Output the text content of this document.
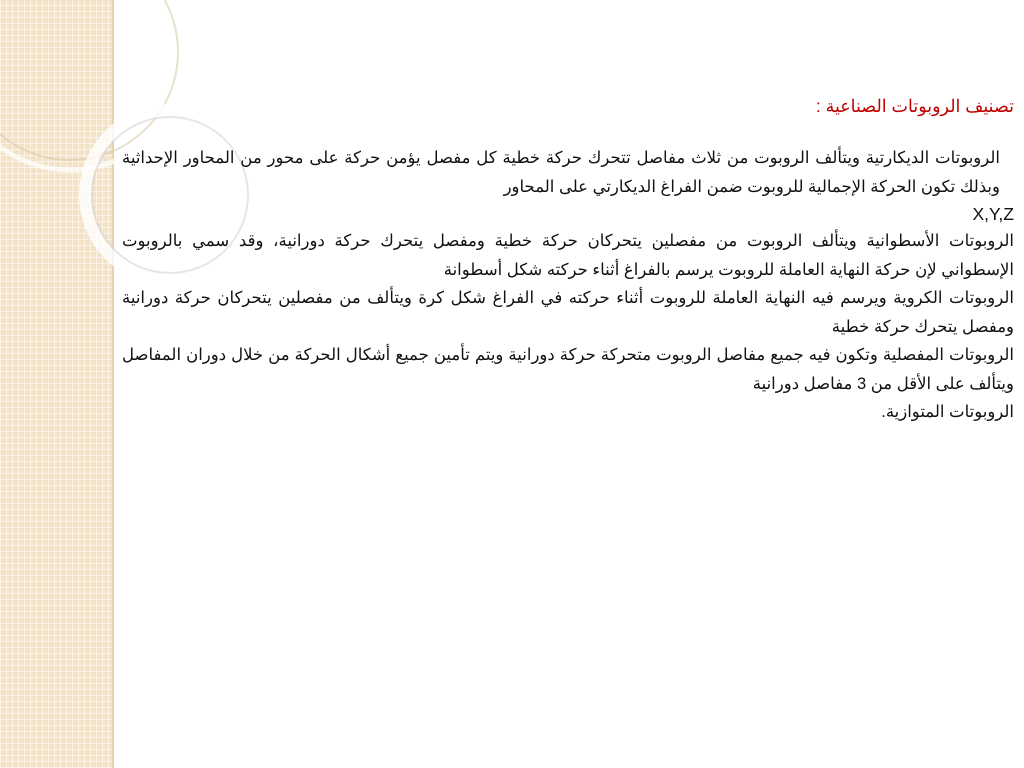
تصنيف الروبوتات الصناعية :

الروبوتات الديكارتية ويتألف الروبوت من ثلاث مفاصل تتحرك حركة خطية كل مفصل يؤمن حركة على محور من المحاور الإحداثية وبذلك تكون الحركة الإجمالية للروبوت ضمن الفراغ الديكارتي على المحاور

X,Y,Z

الروبوتات الأسطوانية ويتألف الروبوت من مفصلين يتحركان حركة خطية ومفصل يتحرك حركة دورانية، وقد سمي بالروبوت الإسطواني لإن حركة النهاية العاملة للروبوت يرسم بالفراغ أثناء حركته شكل أسطوانة

الروبوتات الكروية ويرسم فيه النهاية العاملة للروبوت أثناء حركته في الفراغ شكل كرة ويتألف من مفصلين يتحركان حركة دورانية ومفصل يتحرك حركة خطية

الروبوتات المفصلية وتكون فيه جميع مفاصل الروبوت متحركة حركة دورانية ويتم تأمين جميع أشكال الحركة من خلال دوران المفاصل ويتألف على الأقل من 3 مفاصل دورانية

الروبوتات المتوازية.
